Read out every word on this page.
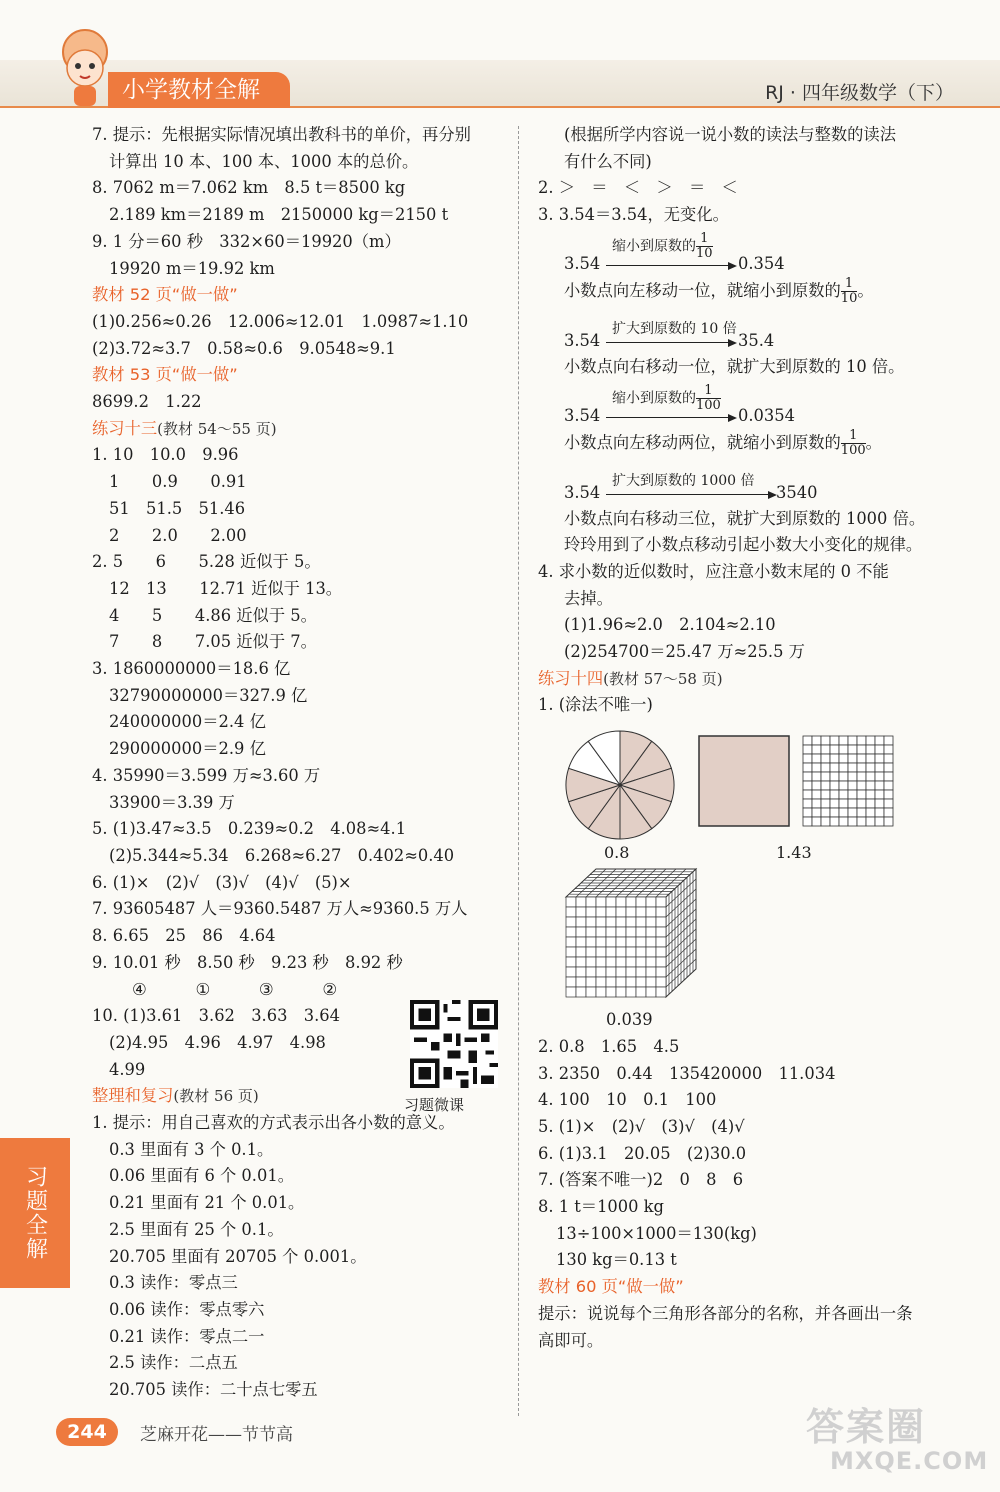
小学教材全解	RJ · 四年级数学（下）
7. 提示：先根据实际情况填出教科书的单价，再分别
计算出 10 本、100 本、1000 本的总价。
8. 7062 m＝7.062 km　8.5 t＝8500 kg
2.189 km＝2189 m　2150000 kg＝2150 t
9. 1 分＝60 秒　332×60＝19920（m）
19920 m＝19.92 km
教材 52 页“做一做”
(1)0.256≈0.26　12.006≈12.01　1.0987≈1.10
(2)3.72≈3.7　0.58≈0.6　9.0548≈9.1
教材 53 页“做一做”
8699.2　1.22
练习十三(教材 54～55 页)
1. 10　10.0　9.96
1　　0.9　　0.91
51　51.5　51.46
2　　2.0　　2.00
2. 5　　6　　5.28 近似于 5。
12　13　　12.71 近似于 13。
4　　5　　4.86 近似于 5。
7　　8　　7.05 近似于 7。
3. 1860000000＝18.6 亿
32790000000＝327.9 亿
240000000＝2.4 亿
290000000＝2.9 亿
4. 35990＝3.599 万≈3.60 万
33900＝3.39 万
5. (1)3.47≈3.5　0.239≈0.2　4.08≈4.1
(2)5.344≈5.34　6.268≈6.27　0.402≈0.40
6. (1)×　(2)√　(3)√　(4)√　(5)×
7. 93605487 人＝9360.5487 万人≈9360.5 万人
8. 6.65　25　86　4.64
9. 10.01 秒　8.50 秒　9.23 秒　8.92 秒
④　　　①　　　③　　　②
10. (1)3.61　3.62　3.63　3.64
(2)4.95　4.96　4.97　4.98
4.99
整理和复习(教材 56 页)
1. 提示：用自己喜欢的方式表示出各小数的意义。
0.3 里面有 3 个 0.1。
0.06 里面有 6 个 0.01。
0.21 里面有 21 个 0.01。
2.5 里面有 25 个 0.1。
20.705 里面有 20705 个 0.001。
0.3 读作：零点三
0.06 读作：零点零六
0.21 读作：零点二一
2.5 读作：二点五
20.705 读作：二十点七零五
习题微课
(根据所学内容说一说小数的读法与整数的读法
有什么不同)
2. ＞　＝　＜　＞　＝　＜
3. 3.54＝3.54，无变化。
3.54
缩小到原数的 $\frac{1}{10}$
0.354
小数点向左移动一位，就缩小到原数的 $\frac{1}{10}$ 。
3.54
扩大到原数的 10 倍
35.4
小数点向右移动一位，就扩大到原数的 10 倍。
3.54
缩小到原数的 $\frac{1}{100}$
0.0354
小数点向左移动两位，就缩小到原数的 $\frac{1}{100}$ 。
3.54
扩大到原数的 1000 倍
3540
小数点向右移动三位，就扩大到原数的 1000 倍。
玲玲用到了小数点移动引起小数大小变化的规律。
4. 求小数的近似数时，应注意小数末尾的 0 不能
去掉。
(1)1.96≈2.0　2.104≈2.10
(2)254700＝25.47 万≈25.5 万
练习十四(教材 57～58 页)
1. (涂法不唯一)
0.8	1.43
0.039
2. 0.8　1.65　4.5
3. 2350　0.44　135420000　11.034
4. 100　10　0.1　100
5. (1)×　(2)√　(3)√　(4)√
6. (1)3.1　20.05　(2)30.0
7. (答案不唯一)2　0　8　6
8. 1 t＝1000 kg
13÷100×1000＝130(kg)
130 kg＝0.13 t
教材 60 页“做一做”
提示：说说每个三角形各部分的名称，并各画出一条
高即可。
习题全解
244	芝麻开花——节节高	答案圈
MXQE.COM
